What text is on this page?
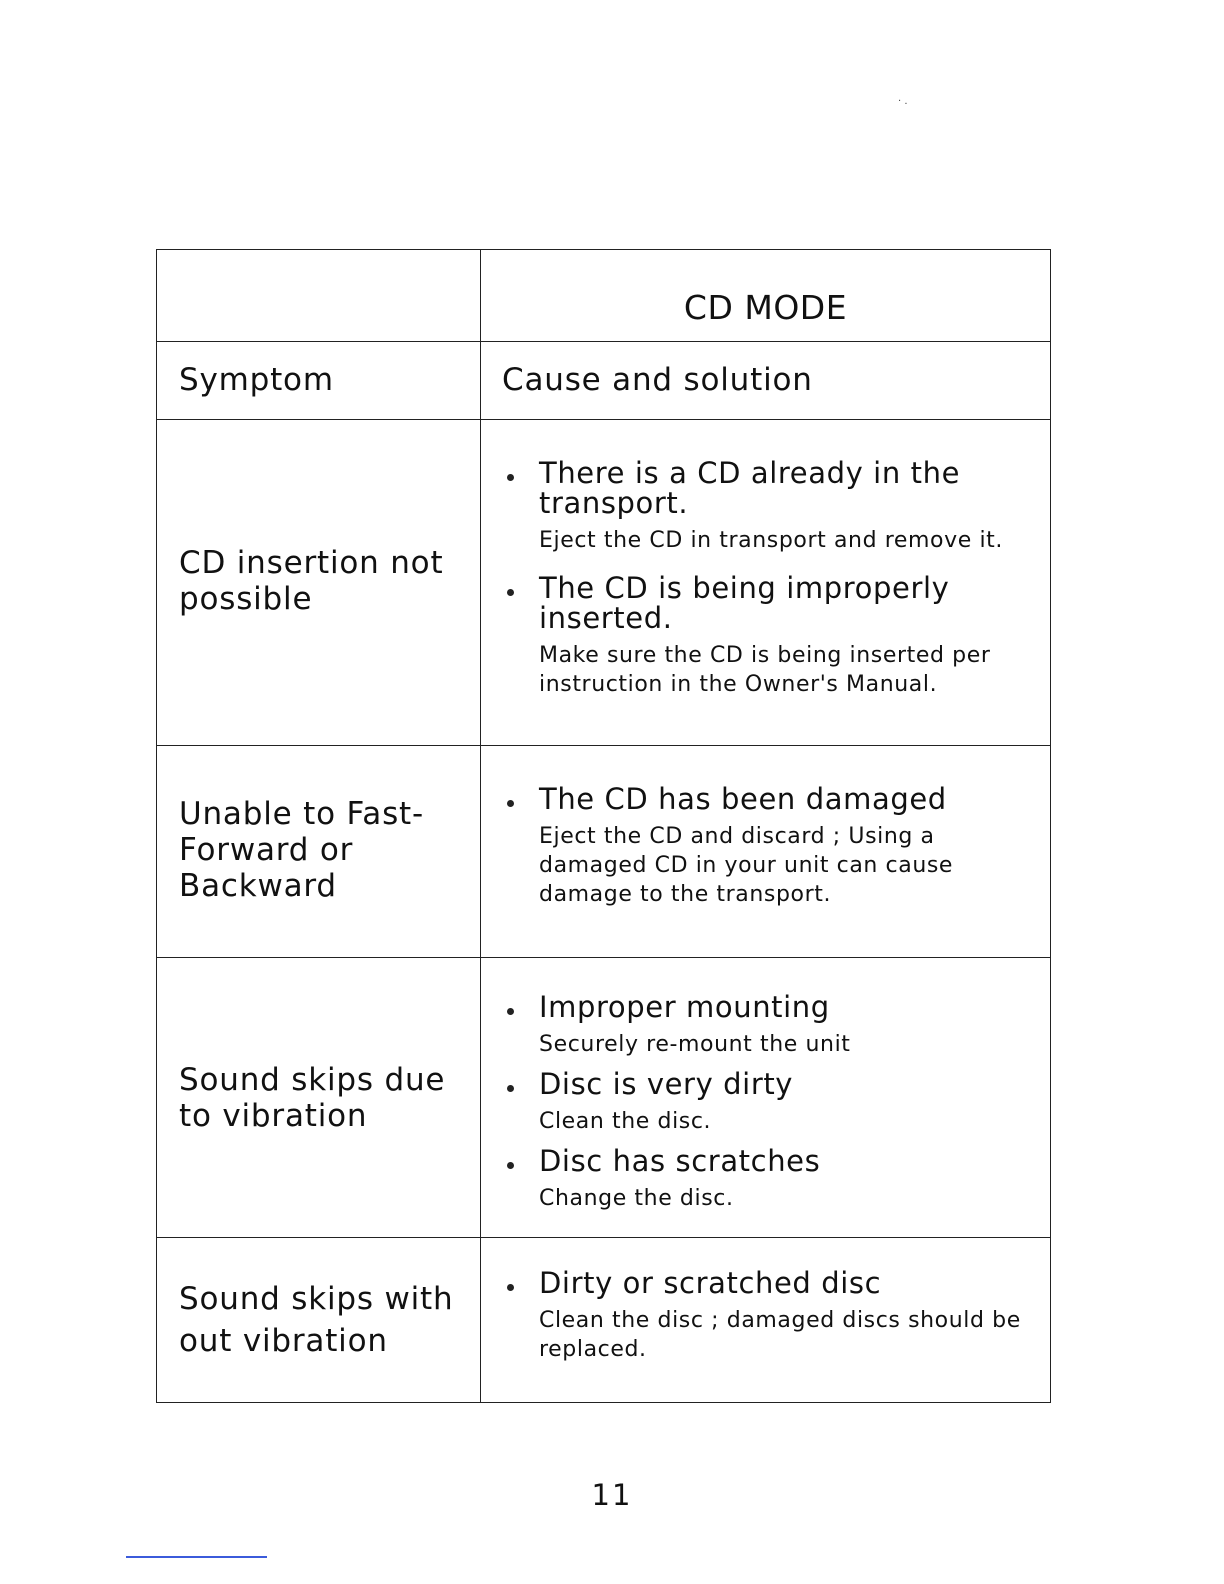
· .
CD MODE
Symptom	Cause and solution
CD insertion not possible
There is a CD already in the transport.
Eject the CD in transport and remove it.
The CD is being improperly inserted.
Make sure the CD is being inserted per instruction in the Owner's Manual.
Unable to Fast-Forward or Backward
The CD has been damaged
Eject the CD and discard ; Using a damaged CD in your unit can cause damage to the transport.
Sound skips due to vibration
Improper mounting
Securely re-mount the unit
Disc is very dirty
Clean the disc.
Disc has scratches
Change the disc.
Sound skips with out vibration
Dirty or scratched disc
Clean the disc ; damaged discs should be replaced.
11
